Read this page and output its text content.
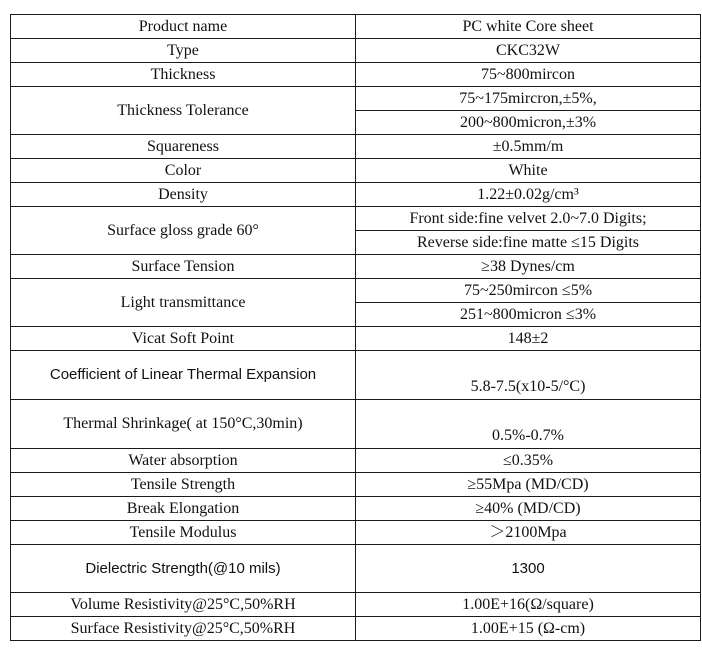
Product name	PC white Core sheet
Type	CKC32W
Thickness	75~800mircon
Thickness Tolerance	75~175mircron,±5%,
	200~800micron,±3%
Squareness	±0.5mm/m
Color	White
Density	1.22±0.02g/cm³
Surface gloss grade 60°	Front side:fine velvet 2.0~7.0 Digits;
	Reverse side:fine matte ≤15 Digits
Surface Tension	≥38 Dynes/cm
Light transmittance	75~250mircon ≤5%
	251~800micron ≤3%
Vicat Soft Point	148±2
Coefficient of Linear Thermal Expansion	5.8-7.5(x10-5/°C)
Thermal Shrinkage( at 150°C,30min)	0.5%-0.7%
Water absorption	≤0.35%
Tensile Strength	≥55Mpa (MD/CD)
Break Elongation	≥40% (MD/CD)
Tensile Modulus	＞2100Mpa
Dielectric Strength(@10 mils)	1300
Volume Resistivity@25°C,50%RH	1.00E+16(Ω/square)
Surface Resistivity@25°C,50%RH	1.00E+15 (Ω-cm)
